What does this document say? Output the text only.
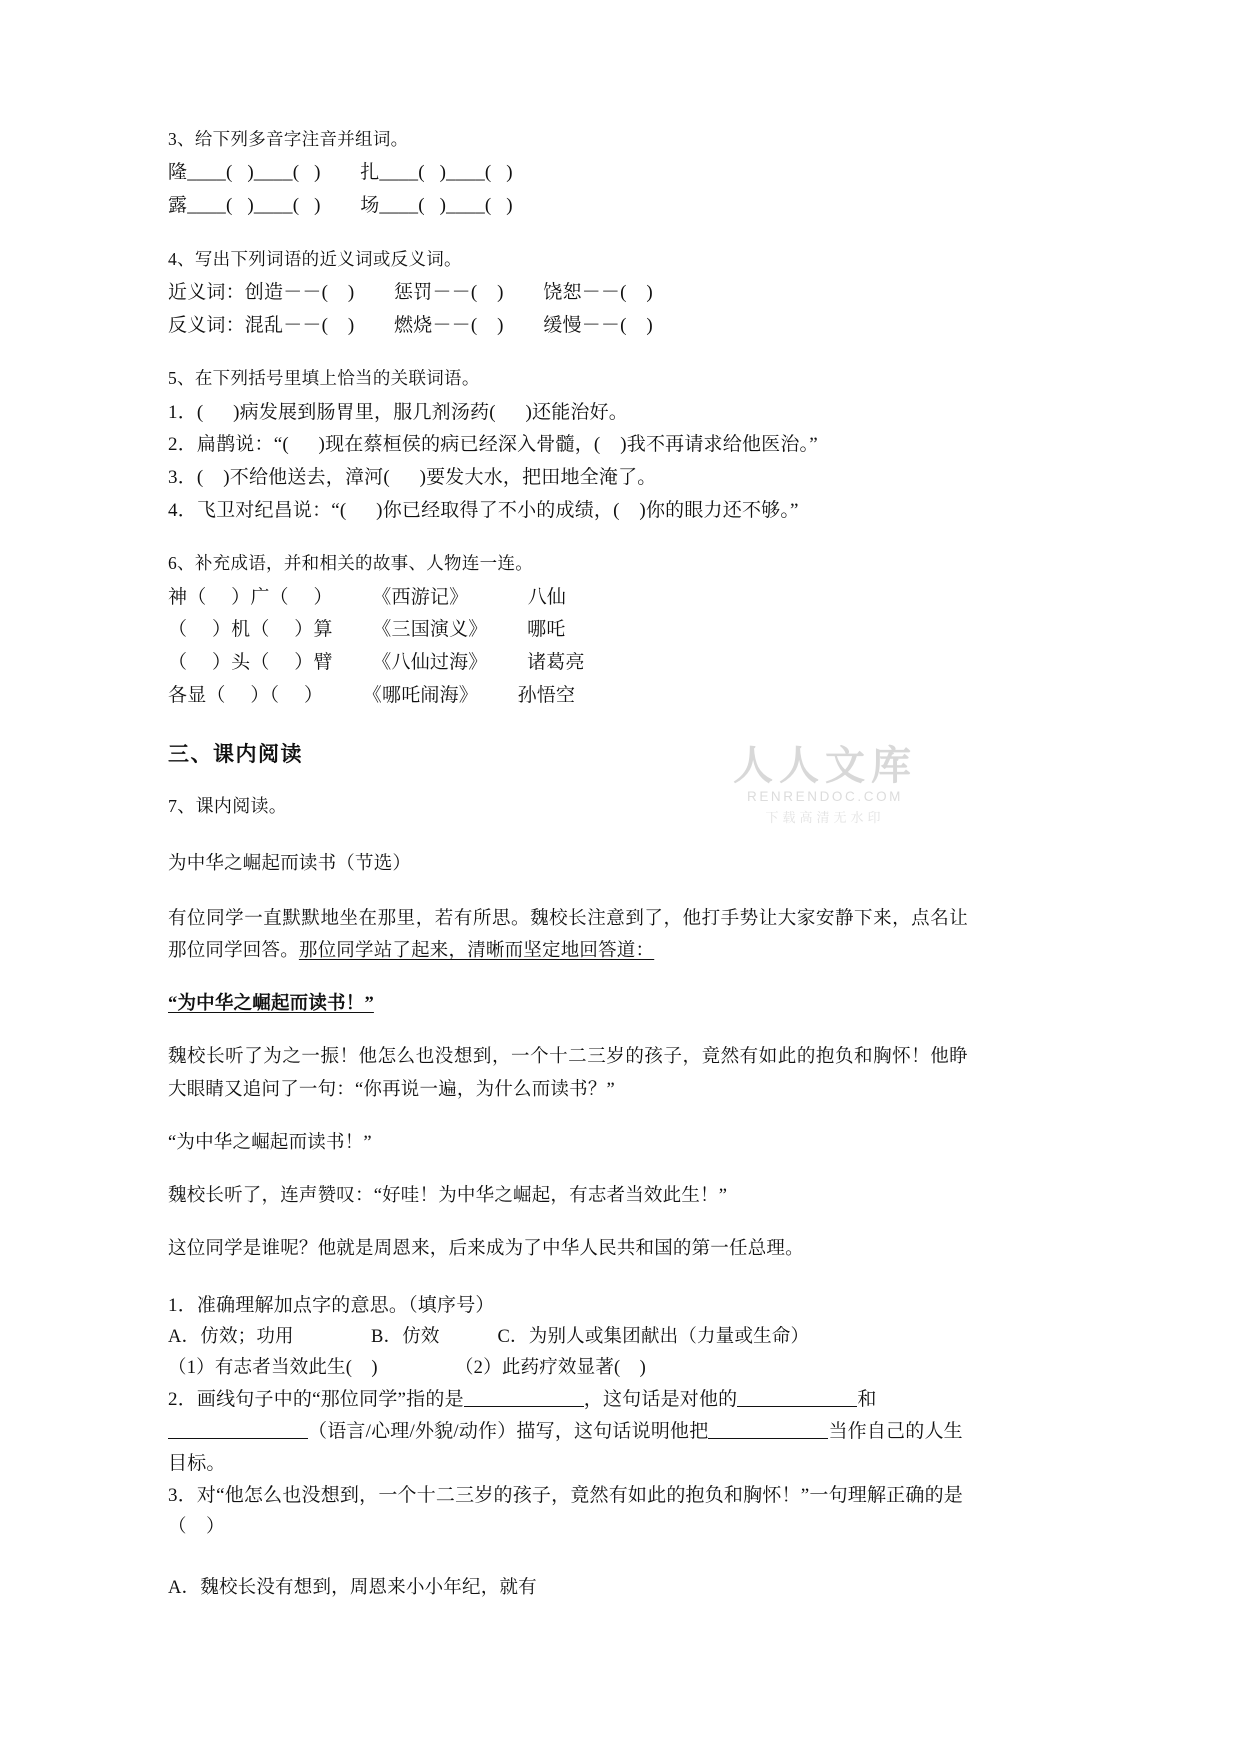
人人文库
RENRENDOC.COM
下载高清无水印

3、给下列多音字注音并组词。

隆____(   )____(   )        扎____(   )____(   )

露____(   )____(   )        场____(   )____(   )

4、写出下列词语的近义词或反义词。

近义词：创造－－(    )        惩罚－－(    )        饶恕－－(    )

反义词：混乱－－(    )        燃烧－－(    )        缓慢－－(    )

5、在下列括号里填上恰当的关联词语。

1．(      )病发展到肠胃里，服几剂汤药(      )还能治好。

2．扁鹊说：“(      )现在蔡桓侯的病已经深入骨髓，(    )我不再请求给他医治。”

3．(    )不给他送去，漳河(      )要发大水，把田地全淹了。

4．飞卫对纪昌说：“(      )你已经取得了不小的成绩，(    )你的眼力还不够。”

6、补充成语，并和相关的故事、人物连一连。

神（     ）广（     ）        《西游记》            八仙

（     ）机（     ）算        《三国演义》        哪吒

（     ）头（     ）臂        《八仙过海》        诸葛亮

各显（     ）（     ）        《哪吒闹海》        孙悟空

三、课内阅读

7、课内阅读。

为中华之崛起而读书（节选）

有位同学一直默默地坐在那里，若有所思。魏校长注意到了，他打手势让大家安静下来，点名让那位同学回答。那位同学站了起来，清晰而坚定地回答道：

“为中华之崛起而读书！”

魏校长听了为之一振！他怎么也没想到，一个十二三岁的孩子，竟然有如此的抱负和胸怀！他睁大眼睛又追问了一句：“你再说一遍，为什么而读书？”

“为中华之崛起而读书！”

魏校长听了，连声赞叹：“好哇！为中华之崛起，有志者当效此生！”

这位同学是谁呢？他就是周恩来，后来成为了中华人民共和国的第一任总理。

1．准确理解加点字的意思。（填序号）

A．仿效；功用                B．仿效            C．为别人或集团献出（力量或生命）

（1）有志者当效此生(    )                （2）此药疗效显著(    )

2．画线句子中的“那位同学”指的是	，这句话是对他的	和
（语言/心理/外貌/动作）描写，这句话说明他把	当作自己的人生目标。

3．对“他怎么也没想到，一个十二三岁的孩子，竟然有如此的抱负和胸怀！”一句理解正确的是

（    ）

A．魏校长没有想到，周恩来小小年纪，就有
